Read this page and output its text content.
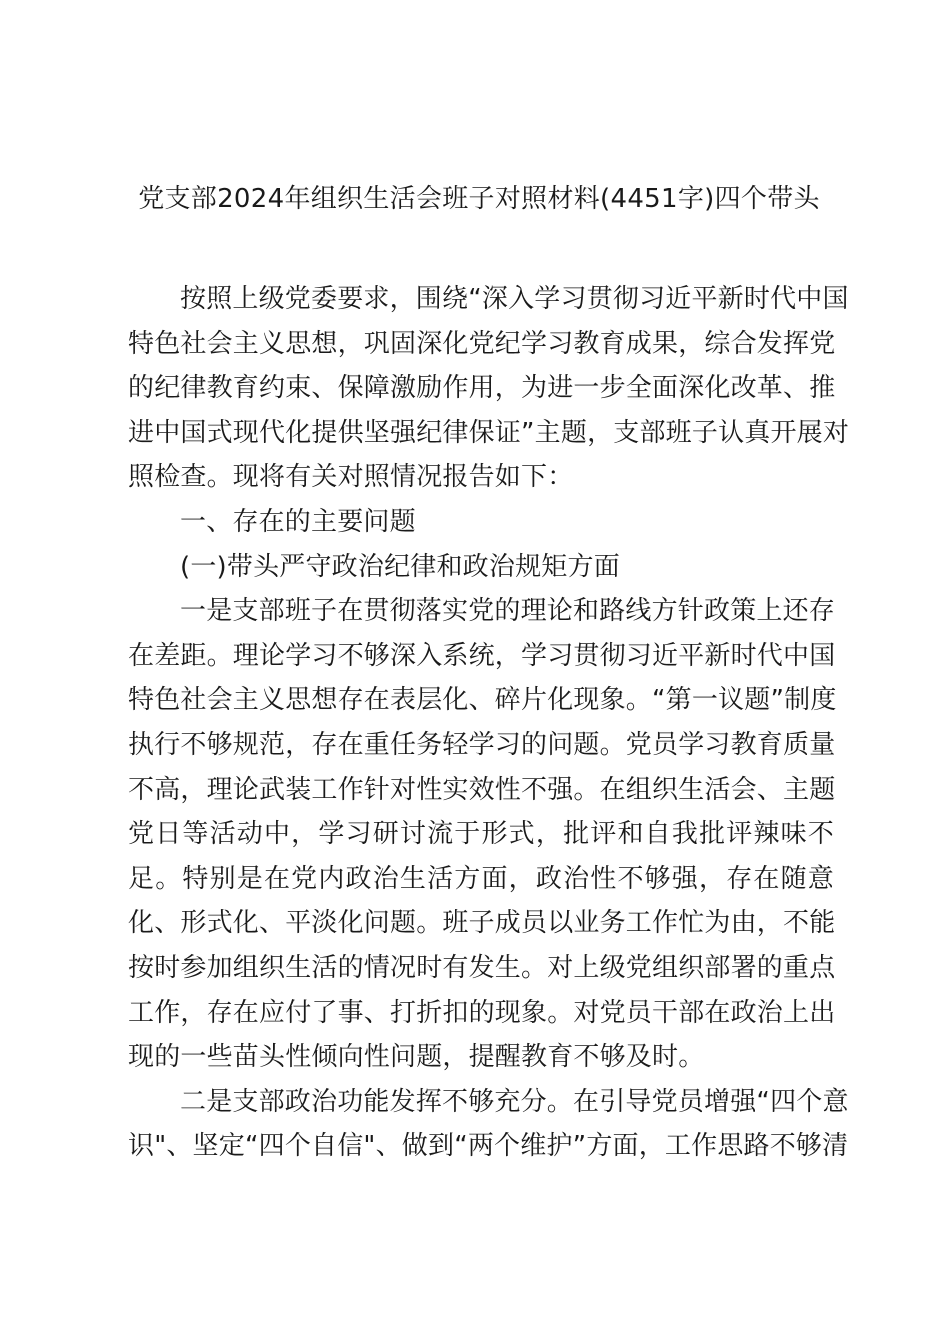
党支部2024年组织生活会班子对照材料(4451字)四个带头
按照上级党委要求，围绕“深入学习贯彻习近平新时代中国
特色社会主义思想，巩固深化党纪学习教育成果，综合发挥党
的纪律教育约束、保障激励作用，为进一步全面深化改革、推
进中国式现代化提供坚强纪律保证”主题，支部班子认真开展对
照检查。现将有关对照情况报告如下：
一、存在的主要问题
(一)带头严守政治纪律和政治规矩方面
一是支部班子在贯彻落实党的理论和路线方针政策上还存
在差距。理论学习不够深入系统，学习贯彻习近平新时代中国
特色社会主义思想存在表层化、碎片化现象。“第一议题”制度
执行不够规范，存在重任务轻学习的问题。党员学习教育质量
不高，理论武装工作针对性实效性不强。在组织生活会、主题
党日等活动中，学习研讨流于形式，批评和自我批评辣味不
足。特别是在党内政治生活方面，政治性不够强，存在随意
化、形式化、平淡化问题。班子成员以业务工作忙为由，不能
按时参加组织生活的情况时有发生。对上级党组织部署的重点
工作，存在应付了事、打折扣的现象。对党员干部在政治上出
现的一些苗头性倾向性问题，提醒教育不够及时。
二是支部政治功能发挥不够充分。在引导党员增强“四个意
识"、坚定“四个自信"、做到“两个维护”方面，工作思路不够清
